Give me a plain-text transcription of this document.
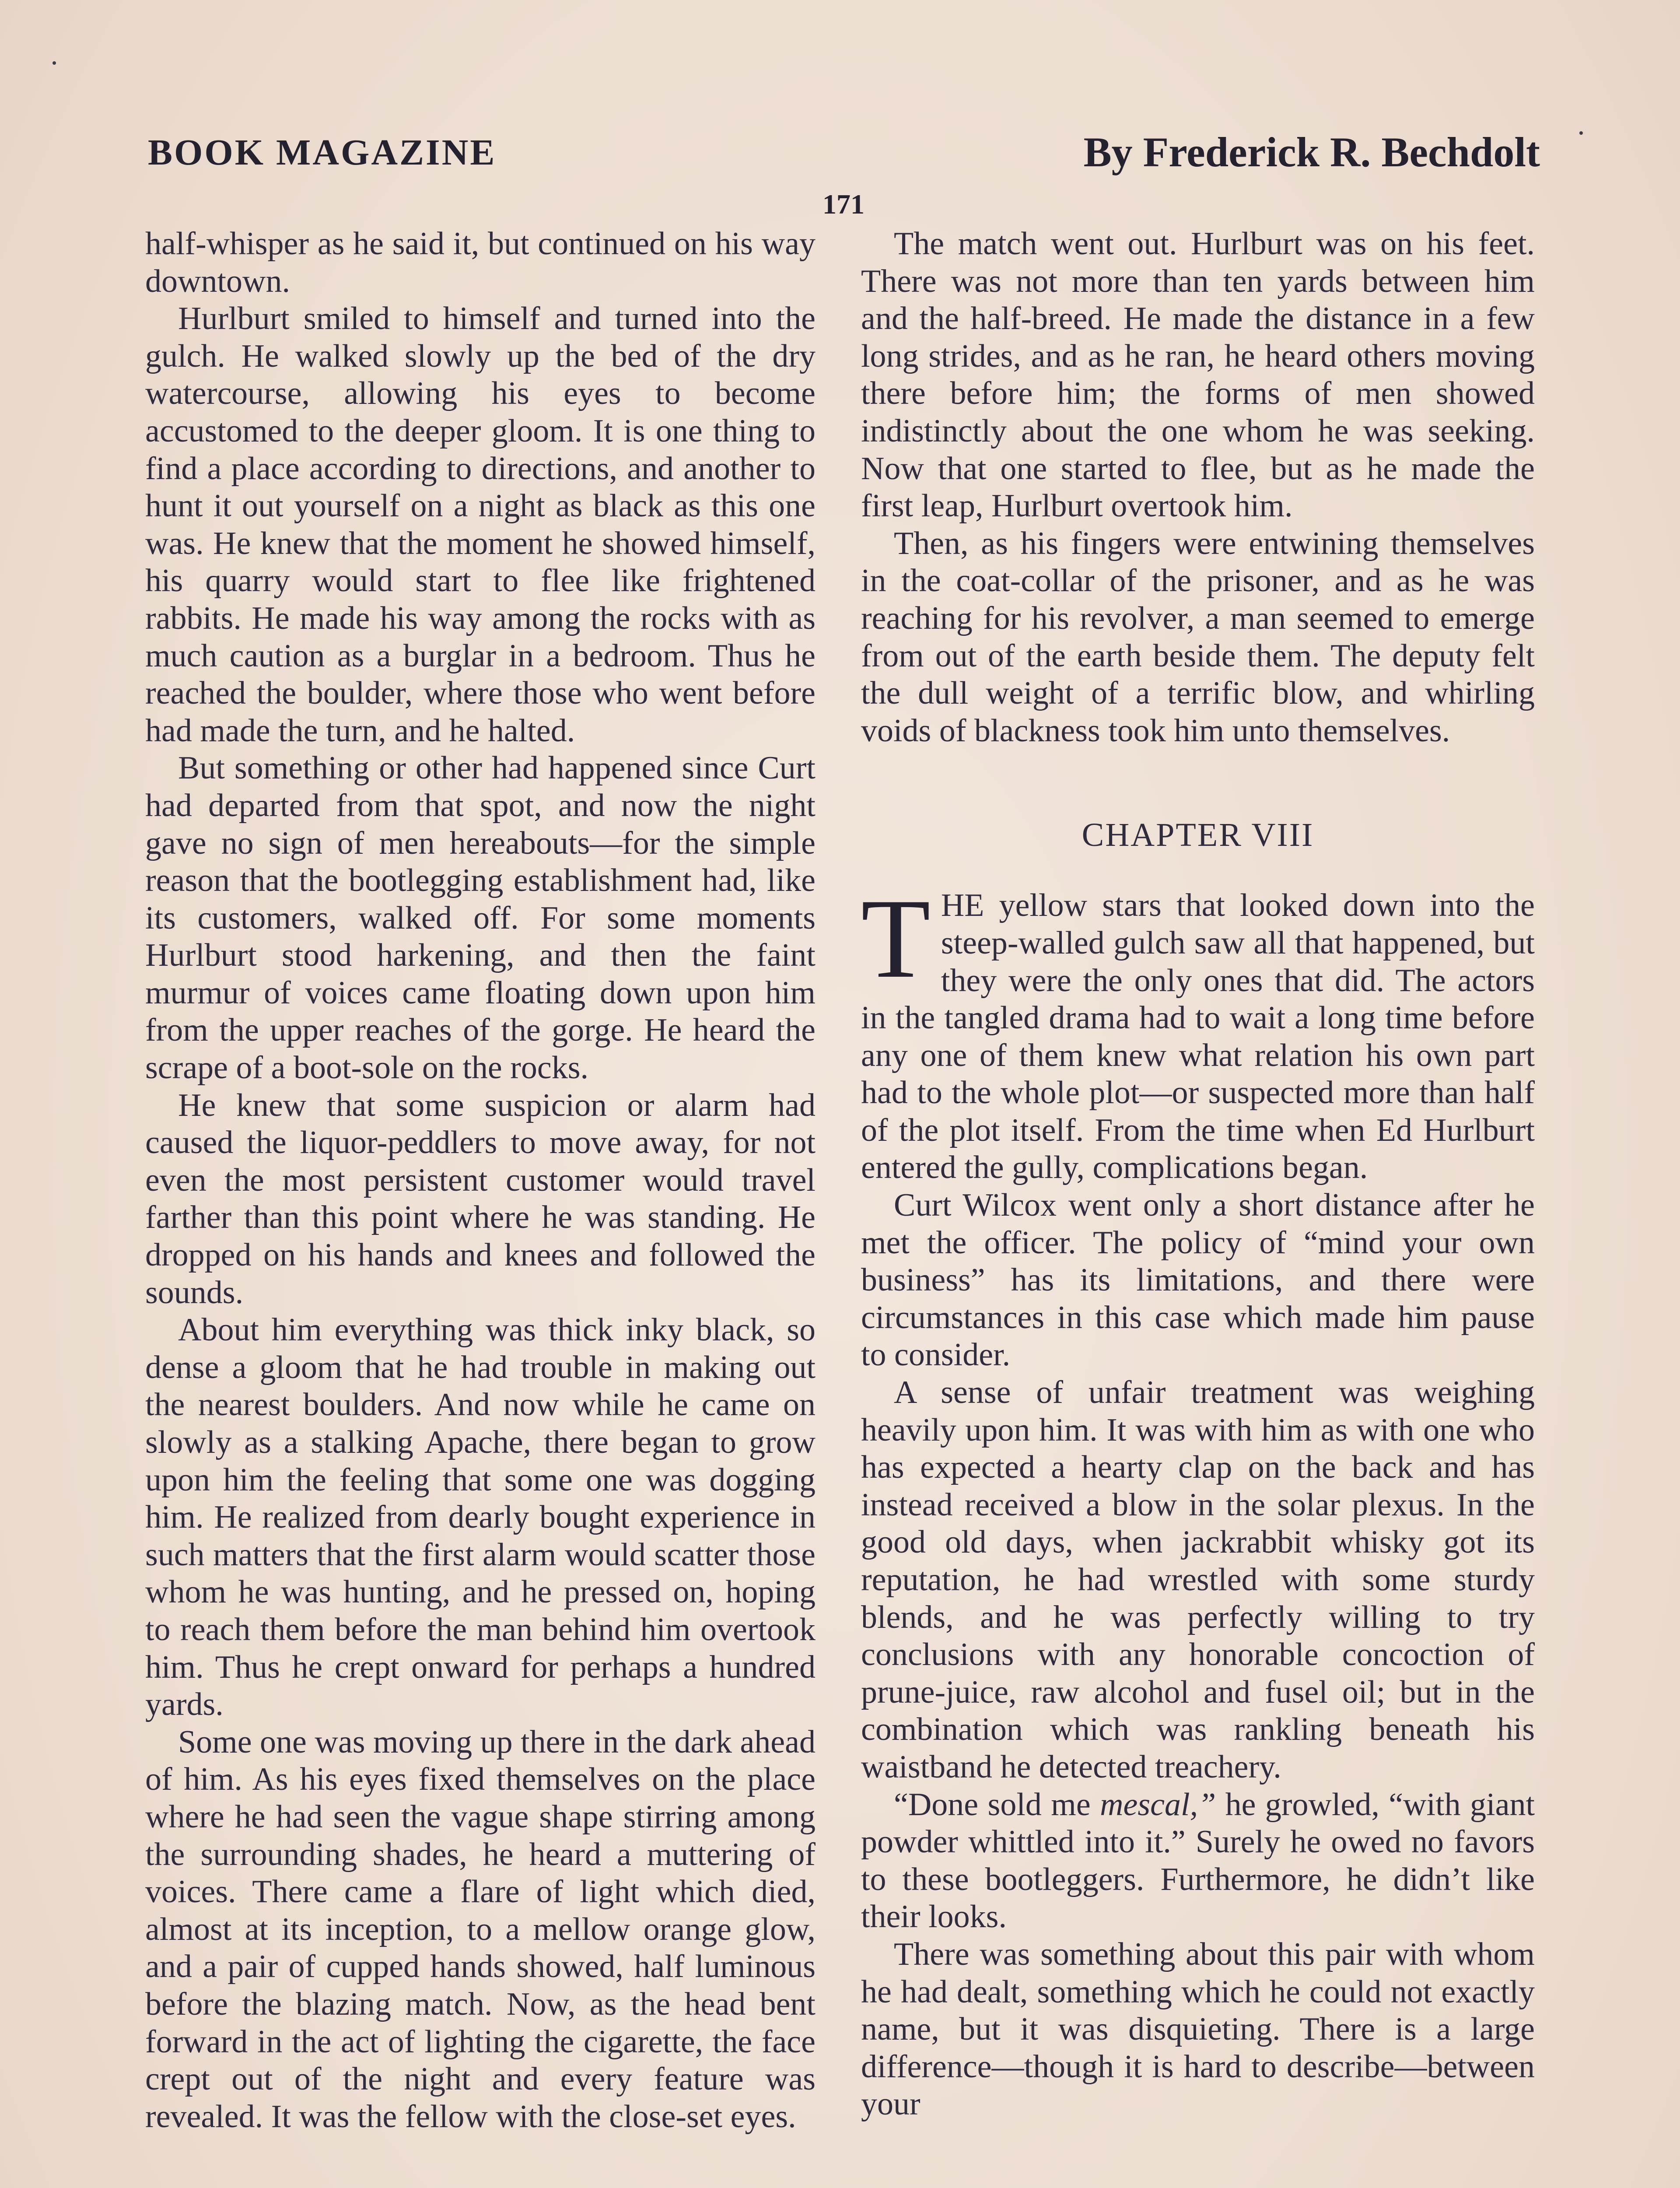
BOOK MAGAZINE	By Frederick R. Bechdolt
171

half-whisper as he said it, but continued on his way downtown.

Hurlburt smiled to himself and turned into the gulch. He walked slowly up the bed of the dry watercourse, allowing his eyes to become accustomed to the deeper gloom. It is one thing to find a place according to directions, and another to hunt it out yourself on a night as black as this one was. He knew that the moment he showed himself, his quarry would start to flee like frightened rabbits. He made his way among the rocks with as much caution as a burglar in a bedroom. Thus he reached the boulder, where those who went before had made the turn, and he halted.

But something or other had happened since Curt had departed from that spot, and now the night gave no sign of men hereabouts—for the simple reason that the bootlegging establishment had, like its customers, walked off. For some moments Hurlburt stood harkening, and then the faint murmur of voices came floating down upon him from the upper reaches of the gorge. He heard the scrape of a boot-sole on the rocks.

He knew that some suspicion or alarm had caused the liquor-peddlers to move away, for not even the most persistent customer would travel farther than this point where he was standing. He dropped on his hands and knees and followed the sounds.

About him everything was thick inky black, so dense a gloom that he had trouble in making out the nearest boulders. And now while he came on slowly as a stalking Apache, there began to grow upon him the feeling that some one was dogging him. He realized from dearly bought experience in such matters that the first alarm would scatter those whom he was hunting, and he pressed on, hoping to reach them before the man behind him overtook him. Thus he crept onward for perhaps a hundred yards.

Some one was moving up there in the dark ahead of him. As his eyes fixed themselves on the place where he had seen the vague shape stirring among the surrounding shades, he heard a muttering of voices. There came a flare of light which died, almost at its inception, to a mellow orange glow, and a pair of cupped hands showed, half luminous before the blazing match. Now, as the head bent forward in the act of lighting the cigarette, the face crept out of the night and every feature was revealed. It was the fellow with the close-set eyes.

The match went out. Hurlburt was on his feet. There was not more than ten yards between him and the half-breed. He made the distance in a few long strides, and as he ran, he heard others moving there before him; the forms of men showed indistinctly about the one whom he was seeking. Now that one started to flee, but as he made the first leap, Hurlburt overtook him.

Then, as his fingers were entwining themselves in the coat-collar of the prisoner, and as he was reaching for his revolver, a man seemed to emerge from out of the earth beside them. The deputy felt the dull weight of a terrific blow, and whirling voids of blackness took him unto themselves.

CHAPTER VIII

THE yellow stars that looked down into the steep-walled gulch saw all that happened, but they were the only ones that did. The actors in the tangled drama had to wait a long time before any one of them knew what relation his own part had to the whole plot—or suspected more than half of the plot itself. From the time when Ed Hurlburt entered the gully, complications began.

Curt Wilcox went only a short distance after he met the officer. The policy of “mind your own business” has its limitations, and there were circumstances in this case which made him pause to consider.

A sense of unfair treatment was weighing heavily upon him. It was with him as with one who has expected a hearty clap on the back and has instead received a blow in the solar plexus. In the good old days, when jackrabbit whisky got its reputation, he had wrestled with some sturdy blends, and he was perfectly willing to try conclusions with any honorable concoction of prune-juice, raw alcohol and fusel oil; but in the combination which was rankling beneath his waistband he detected treachery.

“Done sold me mescal,” he growled, “with giant powder whittled into it.” Surely he owed no favors to these bootleggers. Furthermore, he didn’t like their looks.

There was something about this pair with whom he had dealt, something which he could not exactly name, but it was disquieting. There is a large difference—though it is hard to describe—between your
